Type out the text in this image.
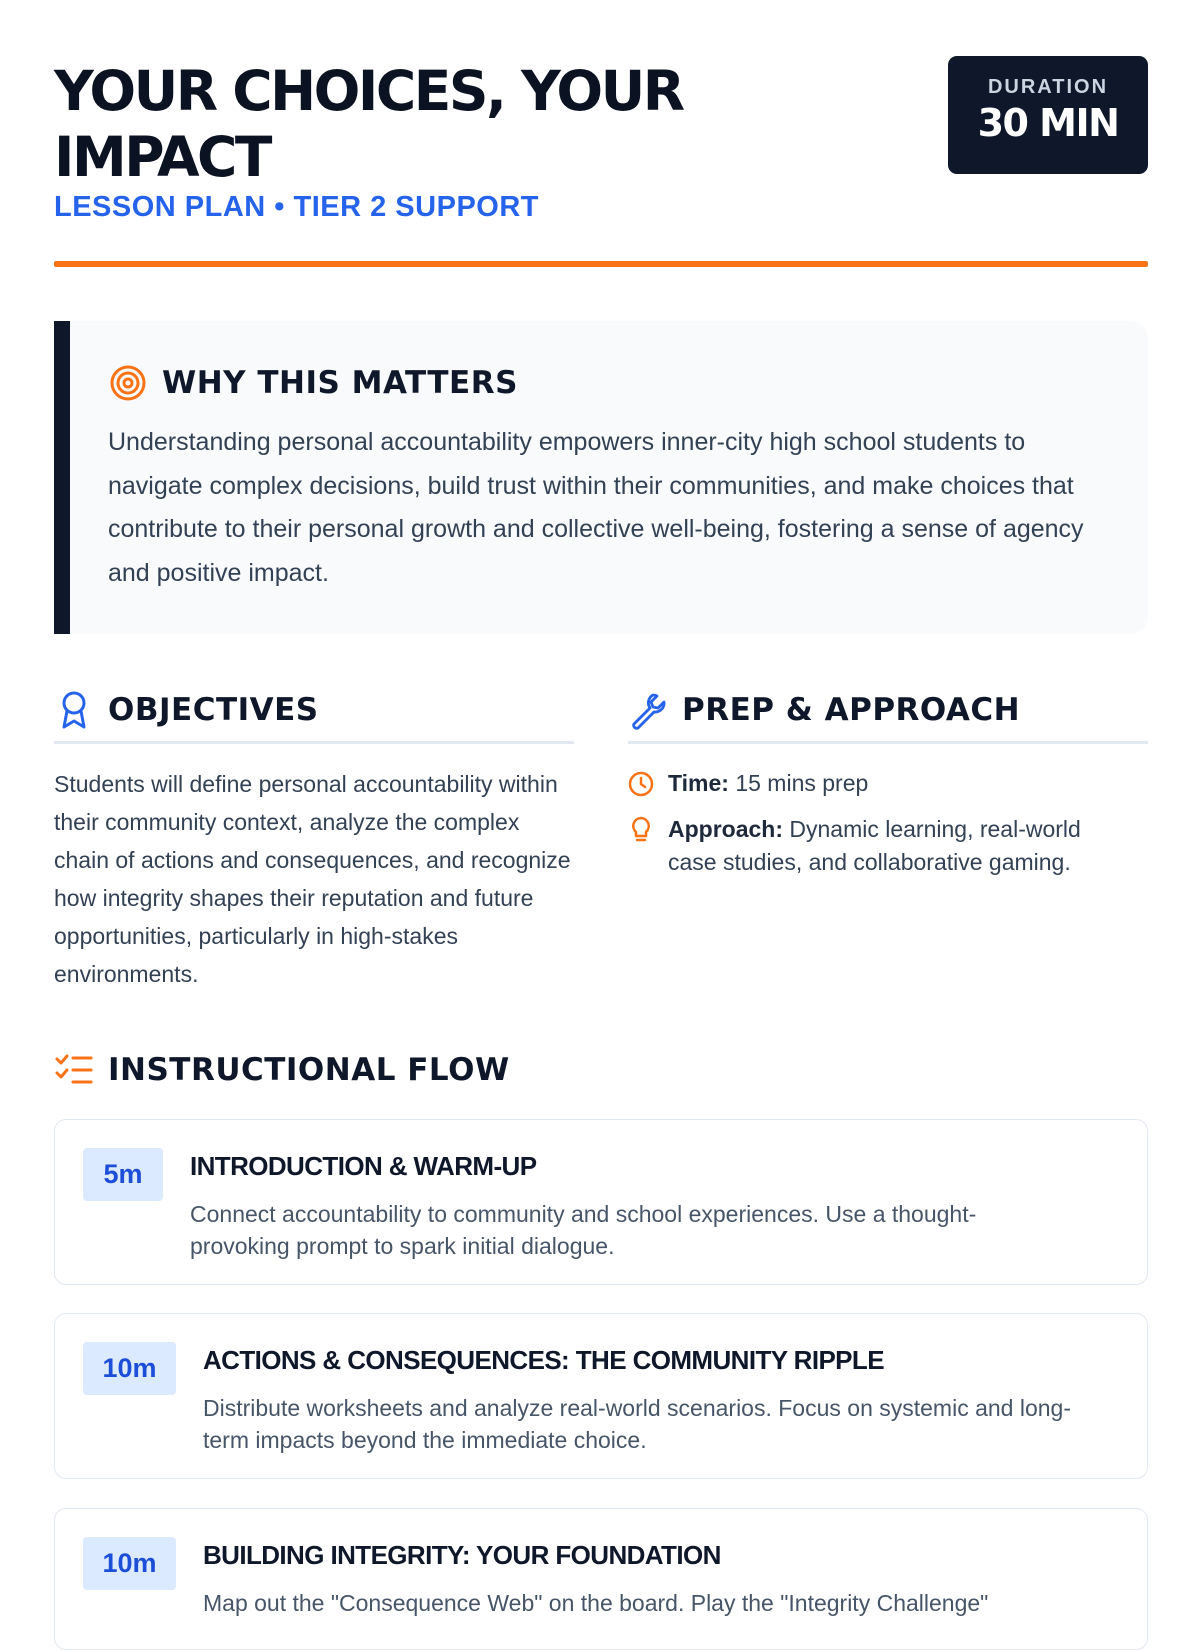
YOUR CHOICES, YOUR IMPACT
LESSON PLAN • TIER 2 SUPPORT
DURATION
30 MIN
WHY THIS MATTERS

Understanding personal accountability empowers inner-city high school students to navigate complex decisions, build trust within their communities, and make choices that contribute to their personal growth and collective well-being, fostering a sense of agency and positive impact.

OBJECTIVES

Students will define personal accountability within their community context, analyze the complex chain of actions and consequences, and recognize how integrity shapes their reputation and future opportunities, particularly in high-stakes environments.

PREP & APPROACH
Time: 15 mins prep
Approach: Dynamic learning, real-world case studies, and collaborative gaming.
INSTRUCTIONAL FLOW
5m	INTRODUCTION & WARM-UP

Connect accountability to community and school experiences. Use a thought-provoking prompt to spark initial dialogue.

10m	ACTIONS & CONSEQUENCES: THE COMMUNITY RIPPLE

Distribute worksheets and analyze real-world scenarios. Focus on systemic and long-term impacts beyond the immediate choice.

10m	BUILDING INTEGRITY: YOUR FOUNDATION

Map out the "Consequence Web" on the board. Play the "Integrity Challenge"
